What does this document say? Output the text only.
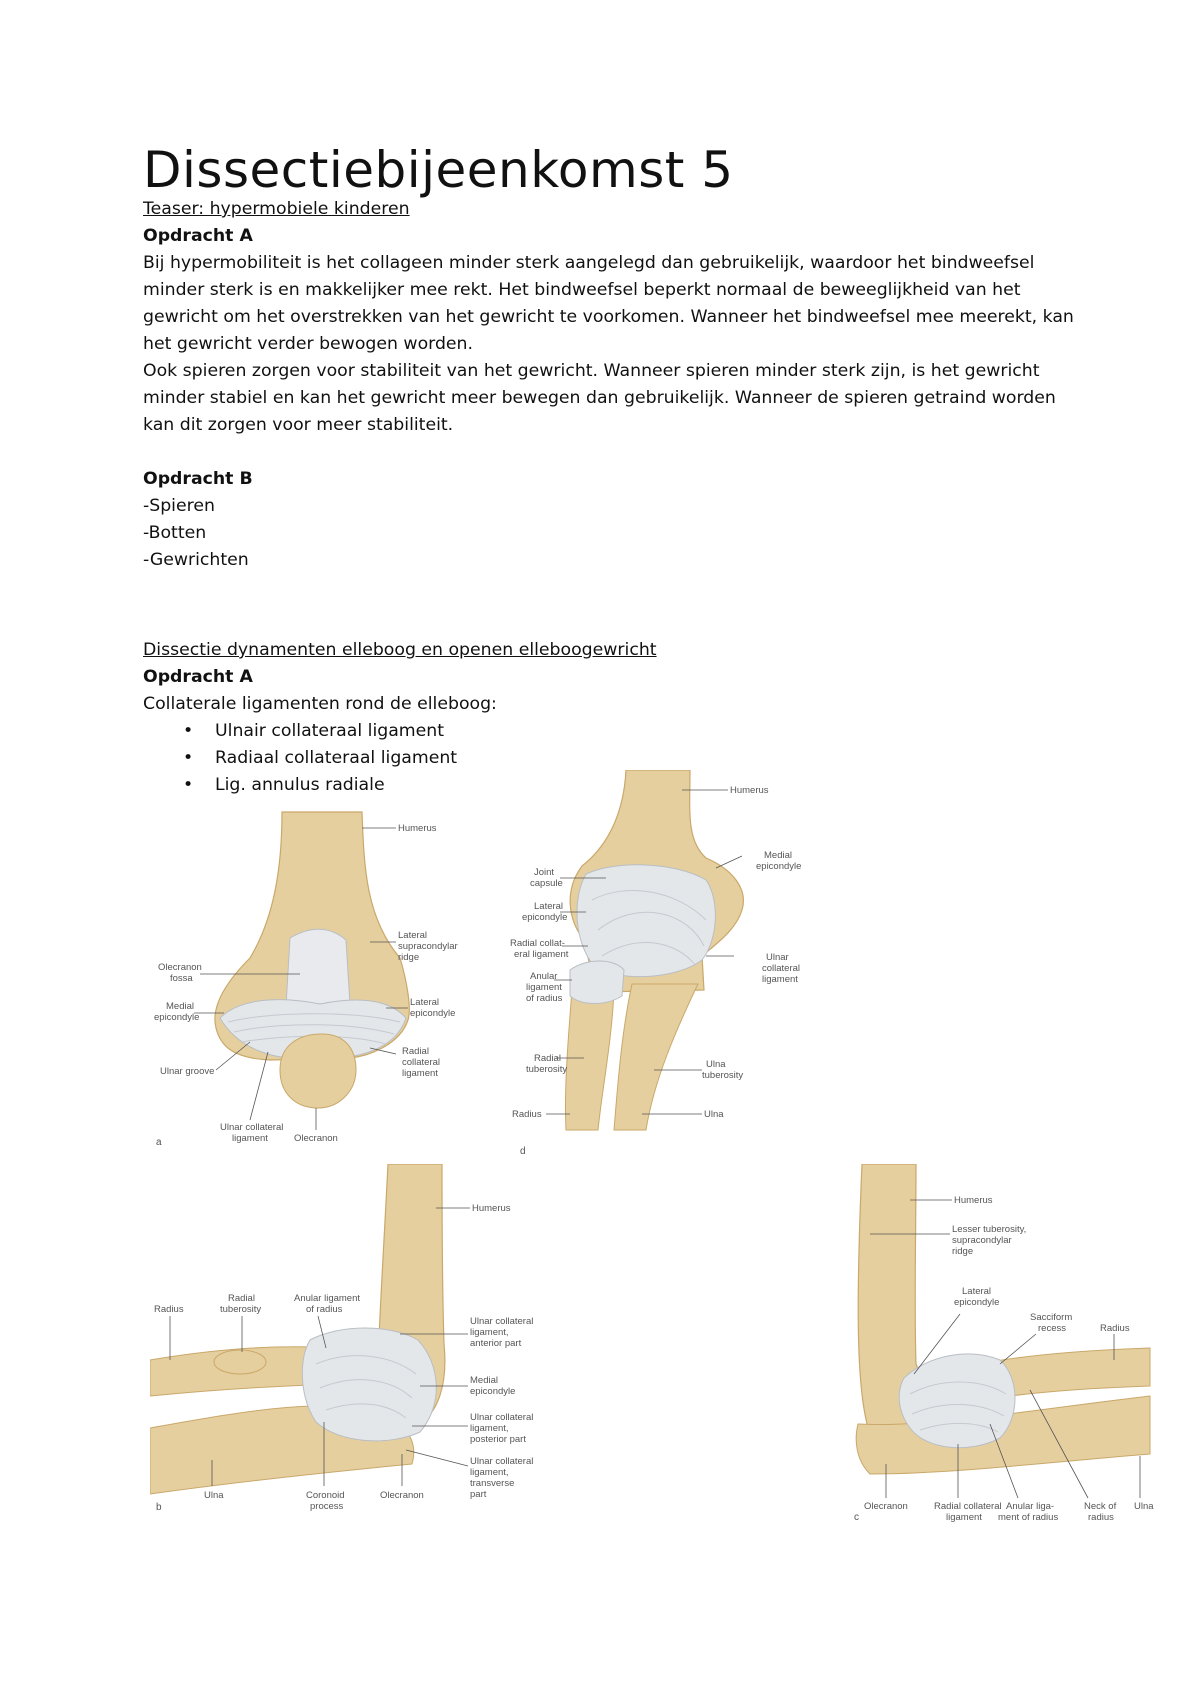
Dissectiebijeenkomst 5

Teaser: hypermobiele kinderen

Opdracht A

Bij hypermobiliteit is het collageen minder sterk aangelegd dan gebruikelijk, waardoor het bindweefsel minder sterk is en makkelijker mee rekt. Het bindweefsel beperkt normaal de beweeglijkheid van het gewricht om het overstrekken van het gewricht te voorkomen. Wanneer het bindweefsel mee meerekt, kan het gewricht verder bewogen worden.

Ook spieren zorgen voor stabiliteit van het gewricht. Wanneer spieren minder sterk zijn, is het gewricht minder stabiel en kan het gewricht meer bewegen dan gebruikelijk. Wanneer de spieren getraind worden kan dit zorgen voor meer stabiliteit.

Opdracht B

-Spieren

-Botten

-Gewrichten

Dissectie dynamenten elleboog en openen elleboogewricht

Opdracht A

Collaterale ligamenten rond de elleboog:

• Ulnair collateraal ligament
• Radiaal collateraal ligament
• Lig. annulus radiale
Humerus
Lateral
supracondylar
ridge
Olecranon
fossa
Medial
epicondyle
Lateral
epicondyle
Radial
collateral
ligament
Ulnar groove
Ulnar collateral
ligament	Olecranon
a
Humerus
Medial
epicondyle
Joint
capsule
Lateral
epicondyle
Radial collat-
eral ligament	Ulnar
collateral
ligament
Anular
ligament
of radius
Radial
tuberosity	Ulna
tuberosity
Radius	Ulna
d
Humerus
Radius
Radial
tuberosity
Anular ligament
of radius
Ulnar collateral
ligament,
anterior part
Medial
epicondyle
Ulnar collateral
ligament,
posterior part
Ulnar collateral
ligament,
transverse
part
Ulna	Coronoid
process
Olecranon
b
Humerus
Lesser tuberosity,
supracondylar
ridge
Lateral
epicondyle
Sacciform
recess	Radius
Olecranon	Radial collateral
ligament
Anular liga-
ment of radius
Neck of
radius
Ulna
c
